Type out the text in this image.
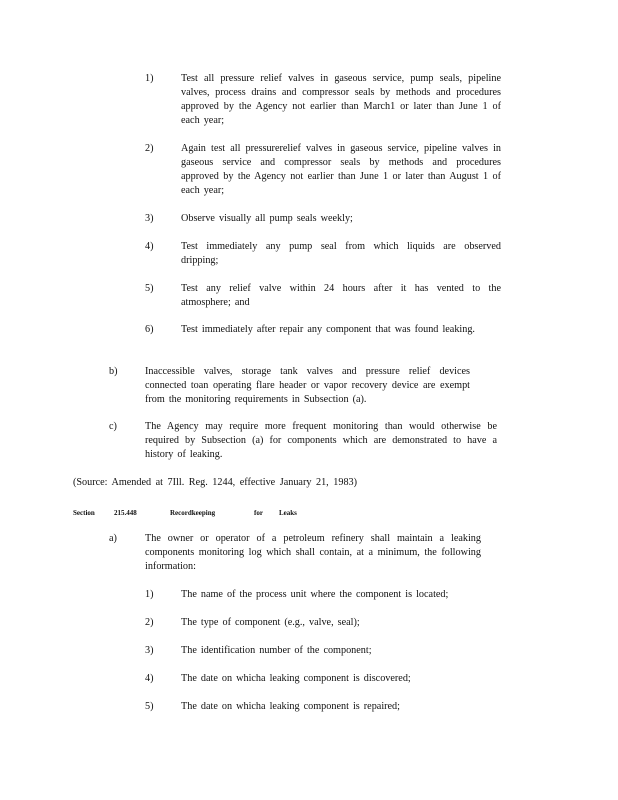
1)	Test all pressure relief valves in gaseous service, pump seals, pipeline valves, process drains and compressor seals by methods and procedures approved by the Agency not earlier than March1 or later than June 1 of each year;
2)	Again test all pressurerelief valves in gaseous service, pipeline valves in gaseous service and compressor seals by methods and procedures approved by the Agency not earlier than June 1 or later than August 1 of each year;
3)	Observe visually all pump seals weekly;
4)	Test immediately any pump seal from which liquids are observed dripping;
5)	Test any relief valve within 24 hours after it has vented to the atmosphere; and
6)	Test immediately after repair any component that was found leaking.
b)	Inaccessible valves, storage tank valves and pressure relief devices connected toan operating flare header or vapor recovery device are exempt from the monitoring requirements in Subsection (a).
c)	The Agency may require more frequent monitoring than would otherwise be required by Subsection (a) for components which are demonstrated to have a history of leaking.
(Source: Amended at 7Ill. Reg. 1244, effective January 21, 1983)
Section	215.448	Recordkeeping	for Leaks
a)	The owner or operator of a petroleum refinery shall maintain a leaking components monitoring log which shall contain, at a minimum, the following information:
1)	The name of the process unit where the component is located;
2)	The type of component (e.g., valve, seal);
3)	The identification number of the component;
4)	The date on whicha leaking component is discovered;
5)	The date on whicha leaking component is repaired;
